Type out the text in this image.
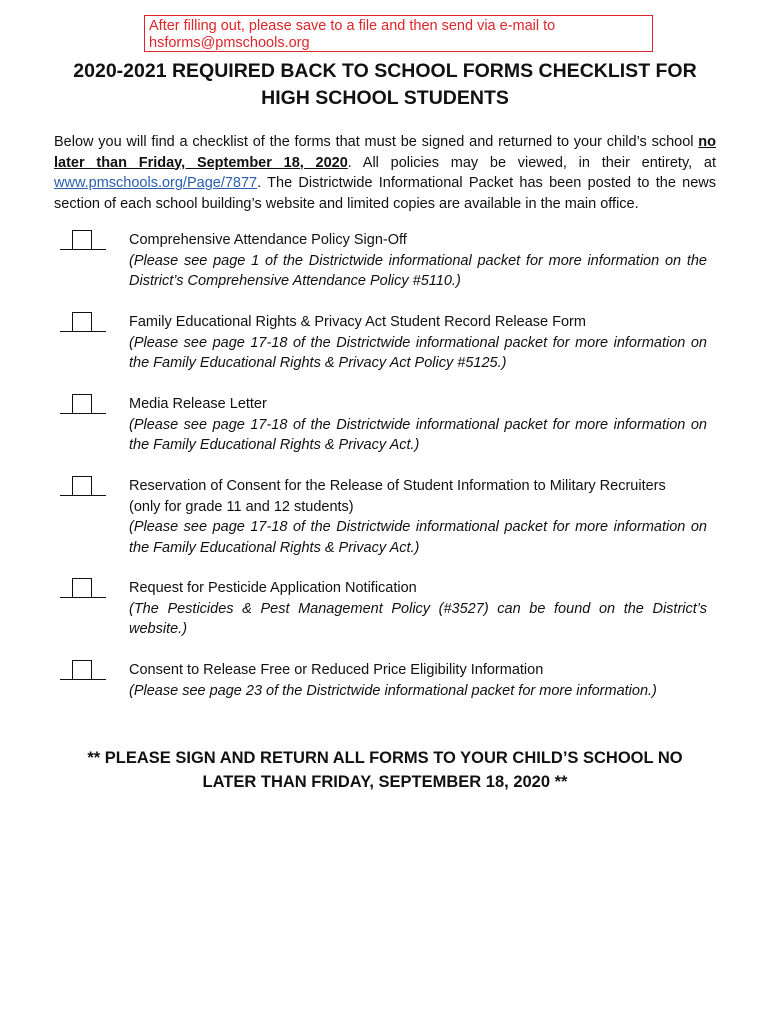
After filling out, please save to a file and then send via e-mail to
hsforms@pmschools.org
2020-2021 REQUIRED BACK TO SCHOOL FORMS CHECKLIST FOR
HIGH SCHOOL STUDENTS

Below you will find a checklist of the forms that must be signed and returned to your child’s school no later than Friday, September 18, 2020. All policies may be viewed, in their entirety, at www.pmschools.org/Page/7877. The Districtwide Informational Packet has been posted to the news section of each school building’s website and limited copies are available in the main office.

Comprehensive Attendance Policy Sign-Off
(Please see page 1 of the Districtwide informational packet for more information on the District’s Comprehensive Attendance Policy #5110.)
Family Educational Rights & Privacy Act Student Record Release Form
(Please see page 17-18 of the Districtwide informational packet for more information on the Family Educational Rights & Privacy Act Policy #5125.)
Media Release Letter
(Please see page 17-18 of the Districtwide informational packet for more information on the Family Educational Rights & Privacy Act.)
Reservation of Consent for the Release of Student Information to Military Recruiters
(only for grade 11 and 12 students)
(Please see page 17-18 of the Districtwide informational packet for more information on the Family Educational Rights & Privacy Act.)
Request for Pesticide Application Notification
(The Pesticides & Pest Management Policy (#3527) can be found on the District’s website.)
Consent to Release Free or Reduced Price Eligibility Information
(Please see page 23 of the Districtwide informational packet for more information.)

** PLEASE SIGN AND RETURN ALL FORMS TO YOUR CHILD’S SCHOOL NO
LATER THAN FRIDAY, SEPTEMBER 18, 2020 **
